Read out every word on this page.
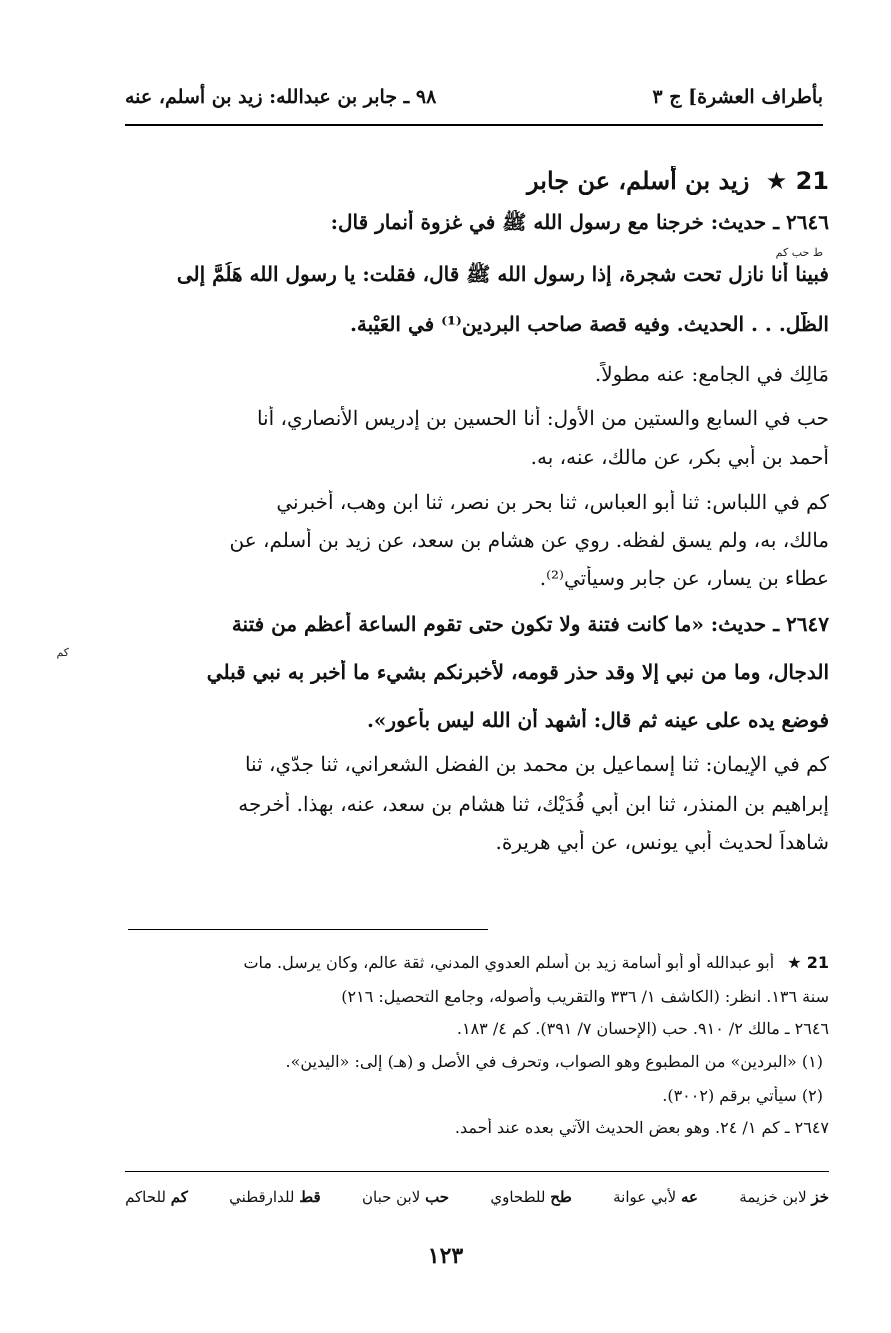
بأطراف العشرة] ج ٣
٩٨ ـ جابر بن عبدالله: زيد بن أسلم، عنه
21 ★ زيد بن أسلم، عن جابر
٢٦٤٦ ـ حديث: خرجنا مع رسول الله ﷺ في غزوة أنمار قال:
ط حب كم
فبينا أنا نازل تحت شجرة، إذا رسول الله ﷺ قال، فقلت: يا رسول الله هَلُمَّ إلى
الظّل. . . الحديث. وفيه قصة صاحب البردين⁽¹⁾ في العَيْبة.
مَالِك في الجامع: عنه مطولاً.
حب في السابع والستين من الأول: أنا الحسين بن إدريس الأنصاري، أنا
أحمد بن أبي بكر، عن مالك، عنه، به.
كم في اللباس: ثنا أبو العباس، ثنا بحر بن نصر، ثنا ابن وهب، أخبرني
مالك، به، ولم يسق لفظه. روي عن هشام بن سعد، عن زيد بن أسلم، عن
عطاء بن يسار، عن جابر وسيأتي⁽²⁾.
٢٦٤٧ ـ حديث: «ما كانت فتنة ولا تكون حتى تقوم الساعة أعظم من فتنة
كم
الدجال، وما من نبي إلا وقد حذر قومه، لأخبرنكم بشيء ما أخبر به نبي قبلي
فوضع يده على عينه ثم قال: أشهد أن الله ليس بأعور».
كم في الإيمان: ثنا إسماعيل بن محمد بن الفضل الشعراني، ثنا جدّي، ثنا
إبراهيم بن المنذر، ثنا ابن أبي فُدَيْك، ثنا هشام بن سعد، عنه، بهذا. أخرجه
شاهداً لحديث أبي يونس، عن أبي هريرة.
21 ★ أبو عبدالله أو أبو أسامة زيد بن أسلم العدوي المدني، ثقة عالم، وكان يرسل. مات
سنة ١٣٦. انظر: (الكاشف ١/ ٣٣٦ والتقريب وأصوله، وجامع التحصيل: ٢١٦)
٢٦٤٦ ـ مالك ٢/ ٩١٠. حب (الإحسان ٧/ ٣٩١). كم ٤/ ١٨٣.
(١) «البردين» من المطبوع وهو الصواب، وتحرف في الأصل و (هـ) إلى: «اليدين».
(٢) سيأتي برقم (٣٠٠٢).
٢٦٤٧ ـ كم ١/ ٢٤. وهو بعض الحديث الآتي بعده عند أحمد.
خز لابن خزيمة
عه لأبي عوانة
طح للطحاوي
حب لابن حبان
قط للدارقطني
كم للحاكم
١٢٣
